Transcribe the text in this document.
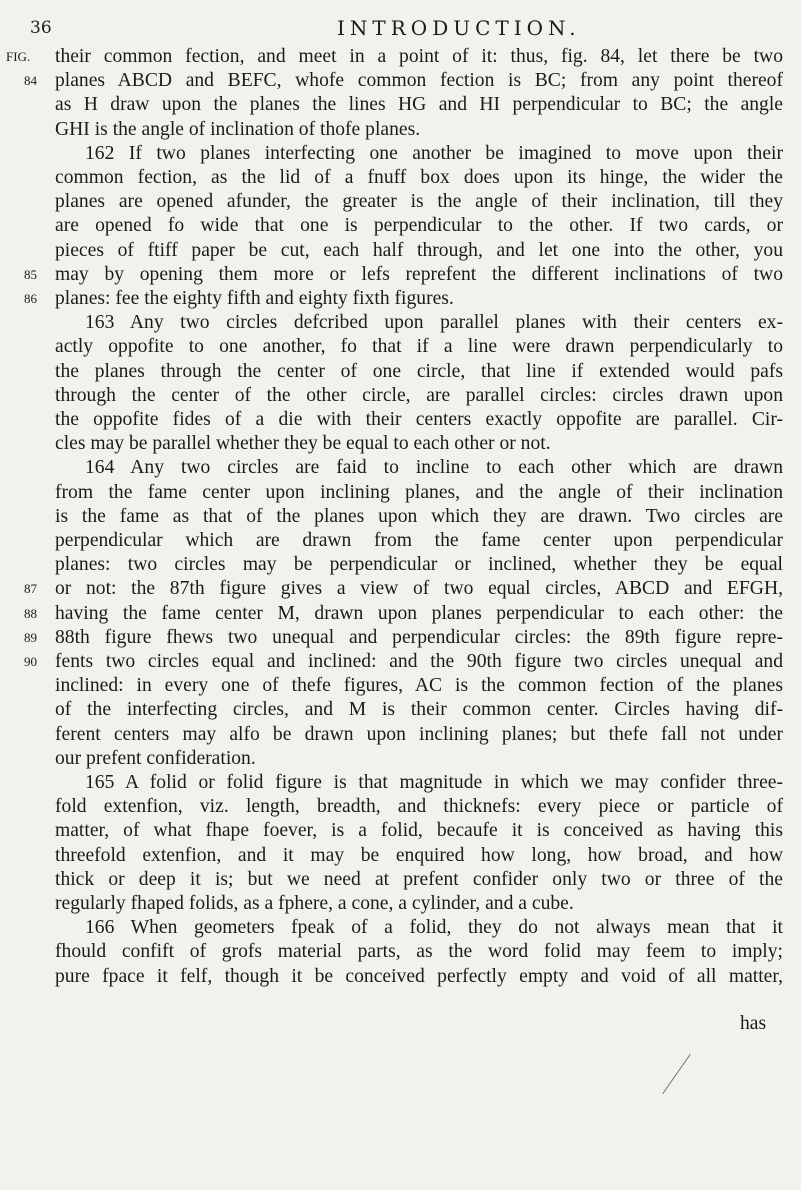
36	INTRODUCTION.
their common fection, and meet in a point of it: thus, fig. 84, let there be two
planes ABCD and BEFC, whofe common fection is BC; from any point thereof
as H draw upon the planes the lines HG and HI perpendicular to BC; the angle
GHI is the angle of inclination of thofe planes.
162 If two planes interfecting one another be imagined to move upon their
common fection, as the lid of a fnuff box does upon its hinge, the wider the
planes are opened afunder, the greater is the angle of their inclination, till they
are opened fo wide that one is perpendicular to the other. If two cards, or
pieces of ftiff paper be cut, each half through, and let one into the other, you
may by opening them more or lefs reprefent the different inclinations of two
planes: fee the eighty fifth and eighty fixth figures.
163 Any two circles defcribed upon parallel planes with their centers ex-
actly oppofite to one another, fo that if a line were drawn perpendicularly to
the planes through the center of one circle, that line if extended would pafs
through the center of the other circle, are parallel circles: circles drawn upon
the oppofite fides of a die with their centers exactly oppofite are parallel. Cir-
cles may be parallel whether they be equal to each other or not.
164 Any two circles are faid to incline to each other which are drawn
from the fame center upon inclining planes, and the angle of their inclination
is the fame as that of the planes upon which they are drawn. Two circles are
perpendicular which are drawn from the fame center upon perpendicular
planes: two circles may be perpendicular or inclined, whether they be equal
or not: the 87th figure gives a view of two equal circles, ABCD and EFGH,
having the fame center M, drawn upon planes perpendicular to each other: the
88th figure fhews two unequal and perpendicular circles: the 89th figure repre-
fents two circles equal and inclined: and the 90th figure two circles unequal and
inclined: in every one of thefe figures, AC is the common fection of the planes
of the interfecting circles, and M is their common center. Circles having dif-
ferent centers may alfo be drawn upon inclining planes; but thefe fall not under
our prefent confideration.
165 A folid or folid figure is that magnitude in which we may confider three-
fold extenfion, viz. length, breadth, and thicknefs: every piece or particle of
matter, of what fhape foever, is a folid, becaufe it is conceived as having this
threefold extenfion, and it may be enquired how long, how broad, and how
thick or deep it is; but we need at prefent confider only two or three of the
regularly fhaped folids, as a fphere, a cone, a cylinder, and a cube.
166 When geometers fpeak of a folid, they do not always mean that it
fhould confift of grofs material parts, as the word folid may feem to imply;
pure fpace it felf, though it be conceived perfectly empty and void of all matter,
FIG.
84
85
86
87
88
89
90
has
